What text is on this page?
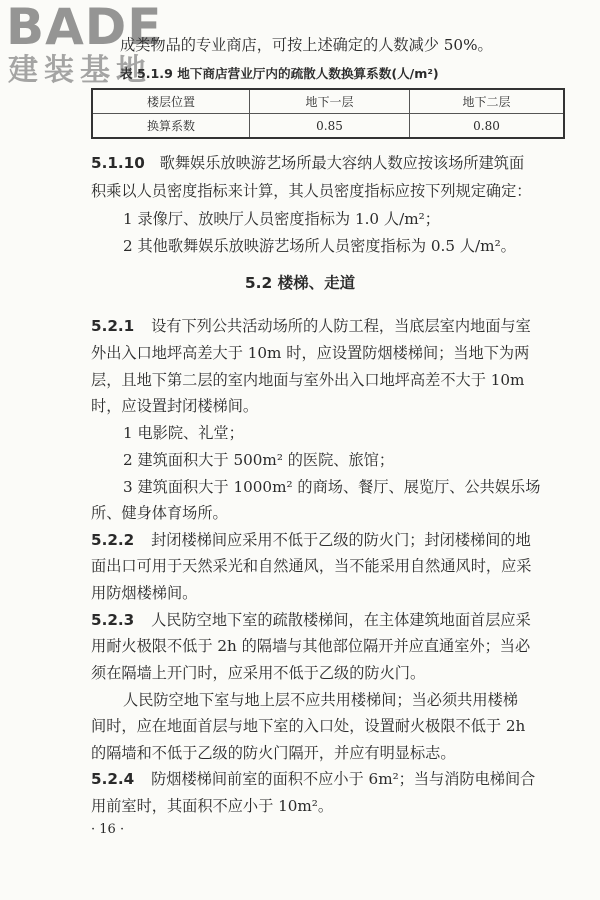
BADE
建装基地
成类物品的专业商店，可按上述确定的人数减少 50%。
表 5.1.9 地下商店营业厅内的疏散人数换算系数(人/m²)
楼层位置	地下一层	地下二层
换算系数	0.85	0.80
5.1.10 歌舞娱乐放映游艺场所最大容纳人数应按该场所建筑面
积乘以人员密度指标来计算，其人员密度指标应按下列规定确定：
1 录像厅、放映厅人员密度指标为 1.0 人/m²；
2 其他歌舞娱乐放映游艺场所人员密度指标为 0.5 人/m²。
5.2 楼梯、走道
5.2.1 设有下列公共活动场所的人防工程，当底层室内地面与室
外出入口地坪高差大于 10m 时，应设置防烟楼梯间；当地下为两
层，且地下第二层的室内地面与室外出入口地坪高差不大于 10m
时，应设置封闭楼梯间。
1 电影院、礼堂；
2 建筑面积大于 500m² 的医院、旅馆；
3 建筑面积大于 1000m² 的商场、餐厅、展览厅、公共娱乐场
所、健身体育场所。
5.2.2 封闭楼梯间应采用不低于乙级的防火门；封闭楼梯间的地
面出口可用于天然采光和自然通风，当不能采用自然通风时，应采
用防烟楼梯间。
5.2.3 人民防空地下室的疏散楼梯间，在主体建筑地面首层应采
用耐火极限不低于 2h 的隔墙与其他部位隔开并应直通室外；当必
须在隔墙上开门时，应采用不低于乙级的防火门。
人民防空地下室与地上层不应共用楼梯间；当必须共用楼梯
间时，应在地面首层与地下室的入口处，设置耐火极限不低于 2h
的隔墙和不低于乙级的防火门隔开，并应有明显标志。
5.2.4 防烟楼梯间前室的面积不应小于 6m²；当与消防电梯间合
用前室时，其面积不应小于 10m²。
· 16 ·
